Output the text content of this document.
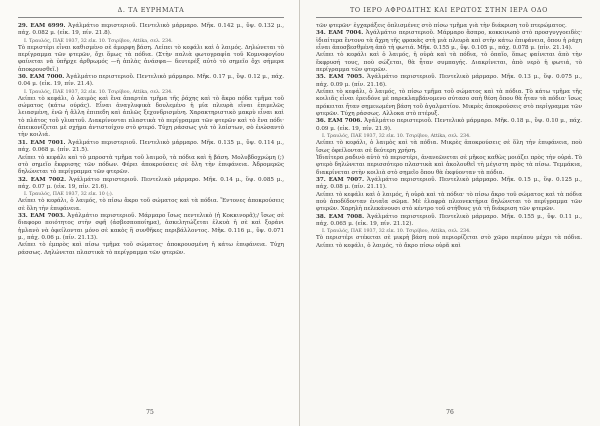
Δ. ΤΑ ΕΥΡΗΜΑΤΑ

29. ΕΑΜ 6999. Ἀγάλμάτιο περιστεριοῦ. Πεντελικὸ μάρμαρο. Μῆκ. 0.142 μ., ὕψ. 0.132 μ., πάχ. 0.082 μ. (εἰκ. 19, πίν. 21.8).

Ι. Τραυλός, ΠΑΕ 1937, 32 εἰκ. 10. Τσιρίβου, Attika, σελ. 234.

Τὸ περιστέρι εἶναι καθισμένο σὲ ἀμορφη βάση. Λείπει τὸ κεφάλι καὶ ὁ λαιμός. Δηλώνεται τὸ περίγραμμα τῶν φτερῶν, ὄχι ὅμως τὰ πόδια. (Στὴν παλιὰ φωτογραφία τοῦ Κομνοφογίου φαίνεται νὰ ὑπῆρχε ἀρθρωμός —ἡ ἁπλὰς ἀνάσφα— δευτερέξ αὐτὸ τὸ σημεῖο ὅχι σήμερα ἀποκρουσθεῖ.)

30. ΕΑΜ 7000. Ἀγάλμάτιο περιστεριοῦ. Πεντελικὸ μάρμαρο. Μῆκ. 0.17 μ., ὕψ. 0.12 μ., πάχ. 0.04 μ. (εἰκ. 19, πίν. 21.4).

Ι. Τραυλός, ΠΑΕ 1937, 32 εἰκ. 10. Τσιρίβου, Attika, σελ. 234.

Λείπει τὸ κεφάλι, ὁ λαιμὸς καὶ ἕνα ἀπαρτέα τμῆμα τῆς ῥάχης καὶ τὸ ἄκρο πόδα τμῆμα τοῦ σώματος (κάτω ούράς). Εἶναι ἀναγλυφικὰ δουλεμένο ἡ μία πλευρὰ εἶναι ἐπιμελῶς λειασμένη, ἐνῶ ἡ ἄλλη ἐπιπεδη καὶ ἁπλῶς ξεχονδρισμένη. Χαρακτηριστικὸ μακρὺ εἶναι καὶ τὸ πλάτος τοῦ γλυπτοῦ. Διακρίνονται πλαστικὰ τὸ περίγραμμα τῶν φτερῶν καὶ τὸ ἔνα πόδι· ἀπεικονίζεται μὲ σχήμα ἀντιστοίχου στὸ φτερό. Τύχη ράσσως γιὰ τὸ λαίστων, σὸ ἐνώσαντὸ τὴν κοιλιά.

31. ΕΑΜ 7001. Ἀγάλμάτιο περιστεριοῦ. Πεντελικὸ μάρμαρο. Μῆκ. 0.135 μ., ὕψ. 0.114 μ., πάχ. 0.068 μ. (πίν. 21.5).

Λείπει τὸ κεφάλι καὶ τὸ μπροστὰ τμῆμα τοῦ λαιμοῦ, τὰ πόδια καὶ ἡ βάση. Μολυβδοχρώμη (;) στὸ σημεῖο ἔκφρισης τῶν πόδων. Φέρει ἀποκρούσεις σὲ ὅλη τὴν ἐπιφάνεια. Ἀδρομερῶς δηλώνεται τὸ περίγραμμα τῶν φτερῶν.

32. ΕΑΜ 7002. Ἀγάλμάτιο περιστεριοῦ. Πεντελικὸ μάρμαρο. Μῆκ. 0.14 μ., ὕψ. 0.085 μ., πάχ. 0.07 μ. (εἰκ. 19, πίν. 21.6).

Ι. Τραυλός, ΠΑΕ 1937, 32 εἰκ. 10 (;).

Λείπει τὸ κεφάλι, ὁ λαιμός, τὸ πίσω ἄκρο τοῦ σώματος καὶ τὰ πόδια. Ἔντονες ἀποκρούσεις σὲ ὅλη τὴν ἐπιφάνεια.

33. ΕΑΜ 7003. Ἀγάλμάτιο περιστεριοῦ. Μάρμαρο ἴσως πεντελικὸ (ἡ Κοκκινορᾶ);/ ἴσως σὲ διαφορο ποιότητος στὴν σφῆ (ἀσβεσποποίημα), ἀσκελητώζεται ἐλκυὰ ἡ σὲ καὶ ξοράνι ἡμλανὸ νὰ ὀφείλονται μόνο σὲ κακὸς ἢ συνθῆκες περιβάλλοντος. Μῆκ. 0.116 μ., ὕψ. 0.071 μ., πάχ. 0.06 μ. (πίν. 21.13).

Λείπει τὸ ἐμπρὸς καὶ πίσω τμῆμα τοῦ σώματος· ἀποκρουσμένη ἡ κάτω ἐπιφάνεια. Τύχη ράσσως. Δηλώνεται πλαστικὰ τὸ περίγραμμα τῶν φτερῶν.

75
ΤΟ ΙΕΡΟ ΑΦΡΟΔΙΤΗΣ ΚΑΙ ΕΡΩΤΟΣ ΣΤΗΝ ΙΕΡΑ ΟΔΟ

τῶν φτερῶν· ἐγχαράξεις ὀπλισμένες στὸ πίσω τμῆμα γιὰ τὴν διάκριση τοῦ πτερώματος.

34. ΕΑΜ 7004. Ἀγάλμάτιο περιστεριοῦ. Μάρμαρο ἄσπρο, κοκκινωπὸ στὸ προσγυγγοειδὲς· ἰδιαίτερα ἔντονο τὰ ἄχρη τῆς φρακὰς στὴ μιὰ πλευρὰ καὶ στὴν κάτω ἐπιφάνεια, ὅπου ἡ ράχη εἶναι ἀποσβεσθμένη ἀπὸ τὴ φωτιά. Μῆκ. 0.155 μ., ὕψ. 0.105 μ., πάχ. 0.078 μ. (πίν. 21.14).

Λείπει τὸ κεφάλι καὶ ὁ λαιμός, ἡ οὐρὰ καὶ τὰ πόδια, τὸ ὁπαῖο, ὅπως φαίνεται ἀπὸ τὴν ἔκφρυσή τους, ποὺ σώζεται, θὰ ἦταν συμπαγής. Διακρίνεται, ἀπὸ νερὸ ἡ φωτιά, τὸ περίγραμμα τῶν φτερῶν.

35. ΕΑΜ 7005. Ἀγάλμάτιο περιστεριοῦ. Πεντελικὸ μάρμαρο. Μῆκ. 0.13 μ., ὕψ. 0.075 μ., πάχ. 0.09 μ. (πίν. 21.16).

Λείπει τὸ κεφάλι, ὁ λαιμός, τὸ πίσω τμῆμα τοῦ σώματος καὶ τὰ πόδια. Τὸ κάτω τμῆμα τῆς κοιλιᾶς εἶναι ἐρειδόνε μὲ παρεκλαμβάνομενο σύτασο σπὴ θέση ὅπου θὰ ἦταν τὰ πόδια· ἴσως πρόκειται ἤταν σημειωμένη βάση τοῦ ἀγαλματίου. Μικρὲς ἀποκρούσεις στὸ περίγραμμα τῶν φτερῶν. Τύχη ράσσως. Αλλοκα στὸ πτέρυξ.

36. ΕΑΜ 7006. Ἀγάλμάτιο περιστεριοῦ. Πεντελικὸ μάρμαρο. Μῆκ. 0.18 μ., ὕψ. 0.10 μ., πάχ. 0.09 μ. (εἰκ. 19, πίν. 21.9).

Ι. Τραυλός, ΠΑΕ 1937, 32 εἰκ. 10. Τσιρίβου, Attika, σελ. 234.

Λείπει τὸ κεφάλι, ὁ λαιμὸς καὶ τὰ πόδια. Μικρὲς ἀποκρούσεις σὲ ὅλη τὴν ἐπιφάνεια, ποὺ ἴσως ὀφείλονται σὲ δεύτερη χρήση.

Ἰδιαίτερα ραδινὸ αὐτὸ τὸ περιστέρι, ἀνανεῶνεται σὲ μῆκος καθὼς μοιάζει πρὸς τὴν οὐρά. Τὸ φτερὸ δηλώνεται περισσότερο πλαστικὰ καὶ ἀκολουθεῖ τὴ μέγιστη πρὸς τὰ πίσω. Τεμμάκια, διακρίνεται στὴν κοιλιὰ στὸ σημεῖο ὅπου θὰ ἐκφύονταν τὰ πόδια.

37. ΕΑΜ 7007. Ἀγάλμάτιο περιστεριοῦ. Πεντελικὸ μάρμαρο. Μῆκ. 0.15 μ., ὕψ. 0.125 μ., πάχ. 0.08 μ. (πίν. 21.11).

Λείπει τὸ κεφάλι καὶ ὁ λαιμός, ἡ οὐρὰ καὶ τὰ πόδια· τὸ πίσω ἄκρο τοῦ σώματος καὶ τὰ πόδια ποὺ ἀποδίδονταν ἐνιαῖα σῶμα. Μὲ ἐλαφρὰ πλεονεκτήρια δηλώνεται τὸ περίγραμμα τῶν φτερῶν. Χαρηλὴ πελεκάνουσι στὸ κέντρο τοῦ στήθους γιὰ τὴ διάκριση τῶν φτερῶν.

38. ΕΑΜ 7008. Ἀγάλμάτιο περιστεριοῦ. Πεντελικὸ μάρμαρο. Μῆκ. 0.155 μ., ὕψ. 0.11 μ., πάχ. 0.065 μ. (εἰκ. 19, πίν. 21.12).

Ι. Τραυλός, ΠΑΕ 1937, 32 εἰκ. 10. Τσιρίβου, Attika, σελ. 234.

Τὸ περιστέρι στέκεται σὲ μικρὴ βάση ποὺ περιορίζεται στὸ χῶρο περίπου μέχρι τὰ πόδια. Λείπει τὸ κεφάλι, ὁ λαιμός, τὸ ἄκρο πίσω οὐρᾶ καὶ

76
